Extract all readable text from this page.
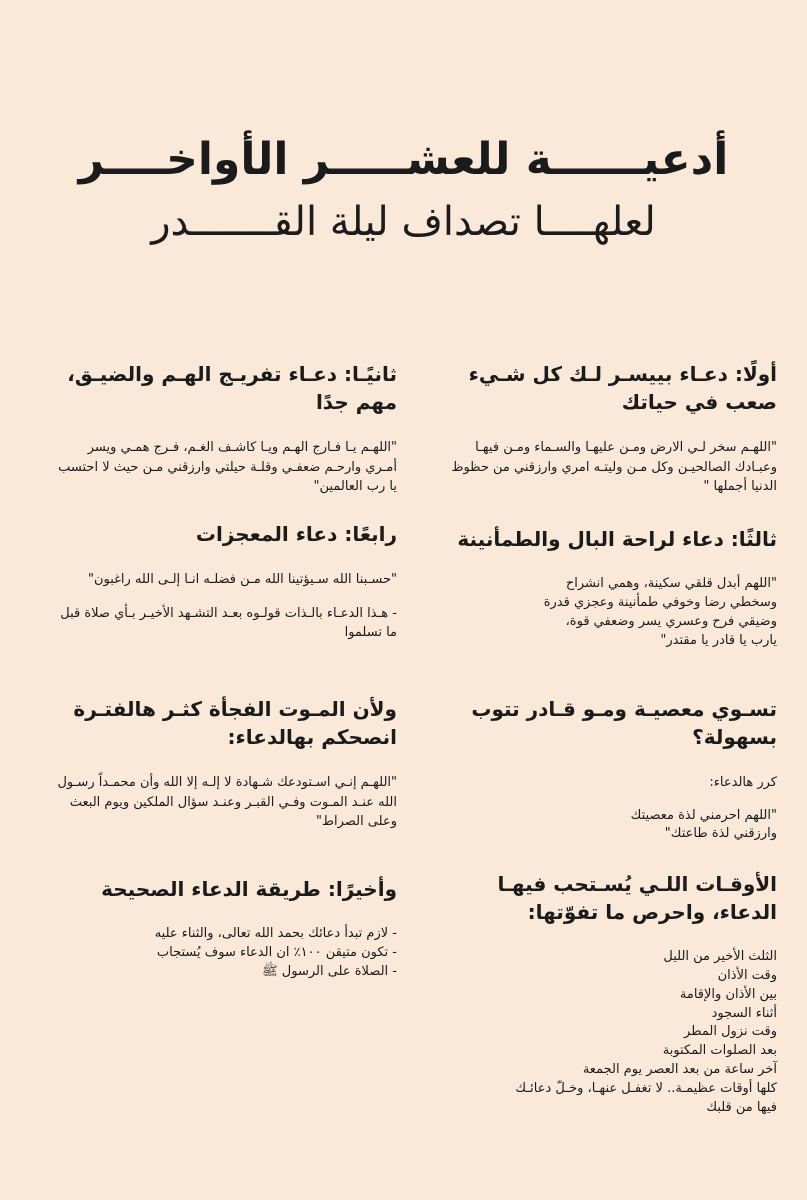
أدعيــــــة للعشـــــر الأواخــــر
لعلهــــا تصداف ليلة القـــــــدر
أولًا: دعـاء بييسـر لـك كل شـيء صعب في حياتك

"اللهـم سخر لـي الارض ومـن عليهـا والسـماء ومـن فيهـا وعبـادك الصالحيـن وكل مـن وليتـه امري وارزقني من حظوظ الدنيا أجملها "

ثالثًا: دعاء لراحة البال والطمأنينة
"اللهم أبدل قلقي سكينة، وهمي انشراح
وسخطي رضا وخوفي طمأنينة وعجزي قدرة
وضيقي فرح وعسري يسر وضعفي قوة،
يارب يا قادر يا مقتدر"
تسـوي معصيـة ومـو قـادر تتوب بسهولة؟

كرر هالدعاء:

"اللهم احرمني لذة معصيتك
وارزقني لذة طاعتك"
الأوقـات اللـي يُسـتحب فيهـا الدعاء، واحرص ما تفوّتها:
الثلث الأخير من الليل
وقت الأذان
بين الأذان والإقامة
أثناء السجود
وقت نزول المطر
بعد الصلوات المكتوبة
آخر ساعة من بعد العصر يوم الجمعة
كلها أوقات عظيمـة.. لا تغفـل عنهـا، وخـلّ دعائـك
فيها من قلبك
ثانيًـا: دعـاء تفريـج الهـم والضيـق، مهم جدًا

"اللهـم يـا فـارج الهـم ويـا كاشـف الغـم، فـرج همـي ويسر أمـري وارحـم ضعفـي وقلـة حيلتي وارزقني مـن حيث لا احتسب يا رب العالمين"

رابعًا: دعاء المعجزات

"حسـبنا الله سـيؤتينا الله مـن فضلـه انـا إلـى الله راغبون"

- هـذا الدعـاء بالـذات قولـوه بعـد التشـهد الأخيـر بـأي صلاة قبل ما تسلموا

ولأن المـوت الفجأة كثـر هالفتـرة انصحكم بهالدعاء:

"اللهـم إنـي اسـتودعك شـهادة لا إلـه إلا الله وأن محمـداً رسـول الله عنـد المـوت وفـي القبـر وعنـد سؤال الملكين ويوم البعث وعلى الصراط"

وأخيرًا: طريقة الدعاء الصحيحة
- لازم تبدأ دعائك بحمد الله تعالى، والثناء عليه
- تكون متيقن ١٠٠٪ ان الدعاء سوف يُستجاب
- الصلاة على الرسول ﷺ
